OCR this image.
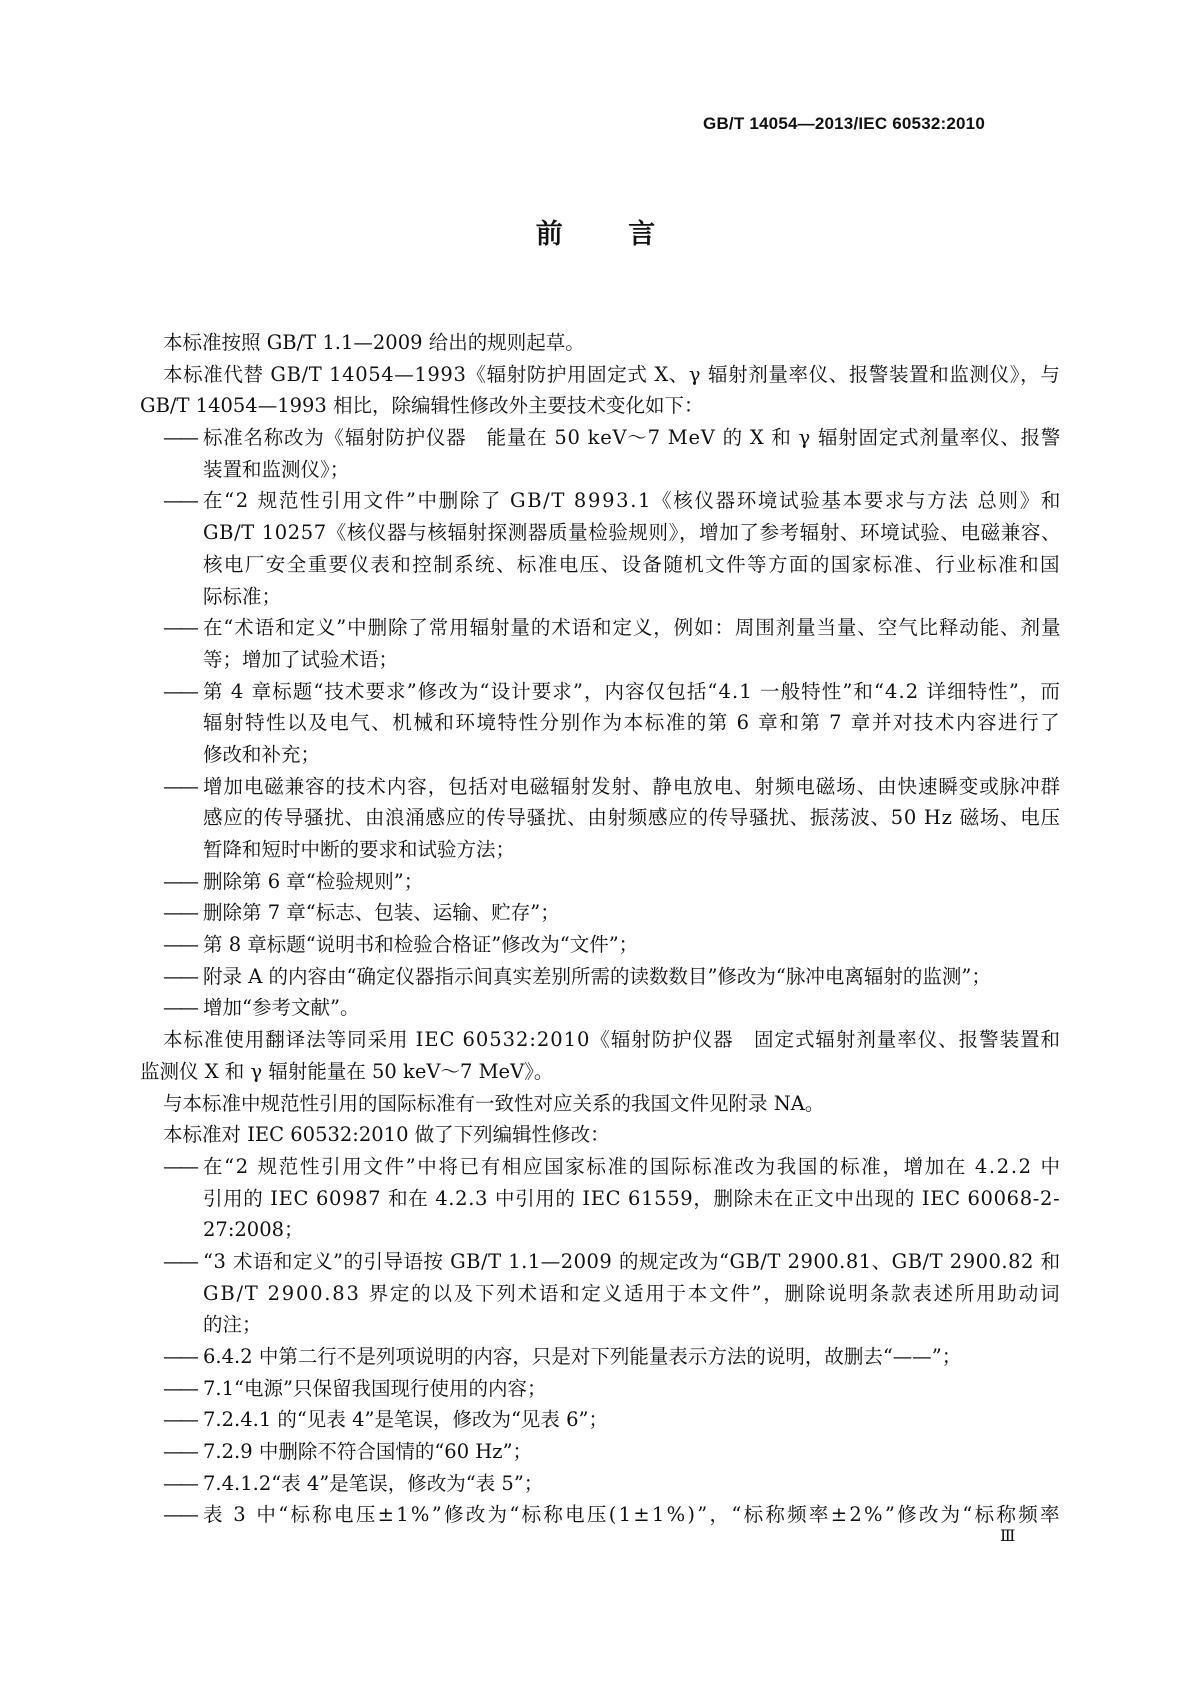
GB/T 14054—2013/IEC 60532:2010
前 言
本标准按照 GB/T 1.1—2009 给出的规则起草。
本标准代替 GB/T 14054—1993《辐射防护用固定式 X、γ 辐射剂量率仪、报警装置和监测仪》，与
GB/T 14054—1993 相比，除编辑性修改外主要技术变化如下：
—— 标准名称改为《辐射防护仪器　能量在 50 keV～7 MeV 的 X 和 γ 辐射固定式剂量率仪、报警
装置和监测仪》；
—— 在“2 规范性引用文件”中删除了 GB/T 8993.1《核仪器环境试验基本要求与方法 总则》和
GB/T 10257《核仪器与核辐射探测器质量检验规则》，增加了参考辐射、环境试验、电磁兼容、
核电厂安全重要仪表和控制系统、标准电压、设备随机文件等方面的国家标准、行业标准和国
际标准；
—— 在“术语和定义”中删除了常用辐射量的术语和定义，例如：周围剂量当量、空气比释动能、剂量
等；增加了试验术语；
—— 第 4 章标题“技术要求”修改为“设计要求”，内容仅包括“4.1 一般特性”和“4.2 详细特性”，而
辐射特性以及电气、机械和环境特性分别作为本标准的第 6 章和第 7 章并对技术内容进行了
修改和补充；
—— 增加电磁兼容的技术内容，包括对电磁辐射发射、静电放电、射频电磁场、由快速瞬变或脉冲群
感应的传导骚扰、由浪涌感应的传导骚扰、由射频感应的传导骚扰、振荡波、50 Hz 磁场、电压
暂降和短时中断的要求和试验方法；
—— 删除第 6 章“检验规则”；
—— 删除第 7 章“标志、包装、运输、贮存”；
—— 第 8 章标题“说明书和检验合格证”修改为“文件”；
—— 附录 A 的内容由“确定仪器指示间真实差别所需的读数数目”修改为“脉冲电离辐射的监测”；
—— 增加“参考文献”。
本标准使用翻译法等同采用 IEC 60532:2010《辐射防护仪器　固定式辐射剂量率仪、报警装置和
监测仪 X 和 γ 辐射能量在 50 keV～7 MeV》。
与本标准中规范性引用的国际标准有一致性对应关系的我国文件见附录 NA。
本标准对 IEC 60532:2010 做了下列编辑性修改：
—— 在“2 规范性引用文件”中将已有相应国家标准的国际标准改为我国的标准，增加在 4.2.2 中
引用的 IEC 60987 和在 4.2.3 中引用的 IEC 61559，删除未在正文中出现的 IEC 60068-2-
27:2008；
—— “3 术语和定义”的引导语按 GB/T 1.1—2009 的规定改为“GB/T 2900.81、GB/T 2900.82 和
GB/T 2900.83 界定的以及下列术语和定义适用于本文件”，删除说明条款表述所用助动词
的注；
—— 6.4.2 中第二行不是列项说明的内容，只是对下列能量表示方法的说明，故删去“——”；
—— 7.1“电源”只保留我国现行使用的内容；
—— 7.2.4.1 的“见表 4”是笔误，修改为“见表 6”；
—— 7.2.9 中删除不符合国情的“60 Hz”；
—— 7.4.1.2“表 4”是笔误，修改为“表 5”；
—— 表 3 中“标称电压±1%”修改为“标称电压(1±1%)”，“标称频率±2%”修改为“标称频率
Ⅲ
